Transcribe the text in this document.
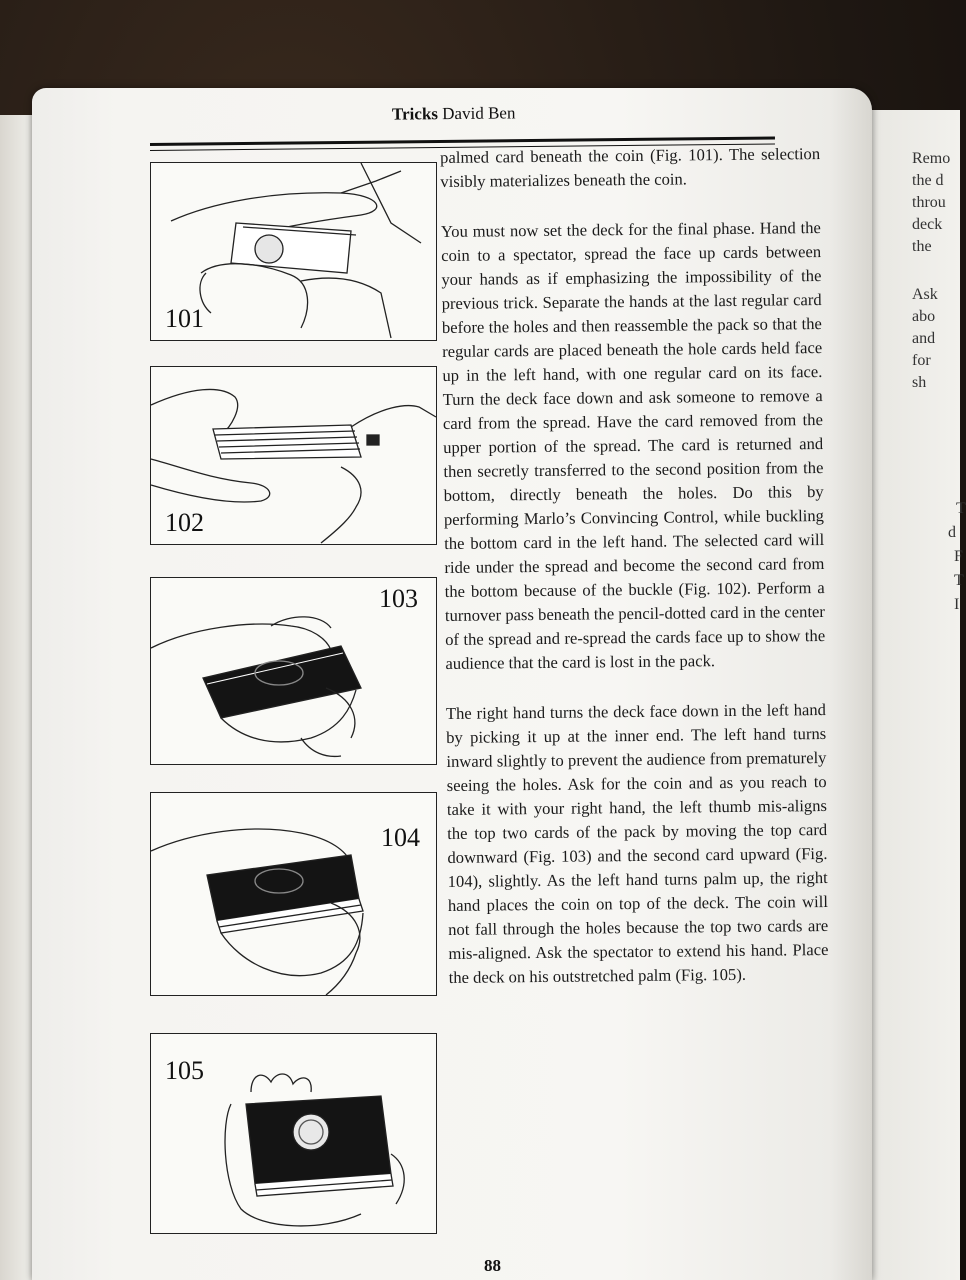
Remo
the d
throu
deck
the
Ask
abo
and
for
sh
T
d
F
T
I
Tricks David Ben
101
102
103
104
105

palmed card beneath the coin (Fig. 101). The selection visibly materializes beneath the coin.

You must now set the deck for the final phase. Hand the coin to a spectator, spread the face up cards between your hands as if emphasizing the impossibility of the previous trick. Separate the hands at the last regular card before the holes and then reassemble the pack so that the regular cards are placed beneath the hole cards held face up in the left hand, with one regular card on its face. Turn the deck face down and ask someone to remove a card from the spread. Have the card removed from the upper portion of the spread. The card is returned and then secretly transferred to the second position from the bottom, directly beneath the holes. Do this by performing Marlo’s Convincing Control, while buckling the bottom card in the left hand. The selected card will ride under the spread and become the second card from the bottom because of the buckle (Fig. 102). Perform a turnover pass beneath the pencil-dotted card in the center of the spread and re-spread the cards face up to show the audience that the card is lost in the pack.

The right hand turns the deck face down in the left hand by picking it up at the inner end. The left hand turns inward slightly to prevent the audience from prematurely seeing the holes. Ask for the coin and as you reach to take it with your right hand, the left thumb mis-aligns the top two cards of the pack by moving the top card downward (Fig. 103) and the second card upward (Fig. 104), slightly. As the left hand turns palm up, the right hand places the coin on top of the deck. The coin will not fall through the holes because the top two cards are mis-aligned. Ask the spectator to extend his hand. Place the deck on his outstretched palm (Fig. 105).

88
